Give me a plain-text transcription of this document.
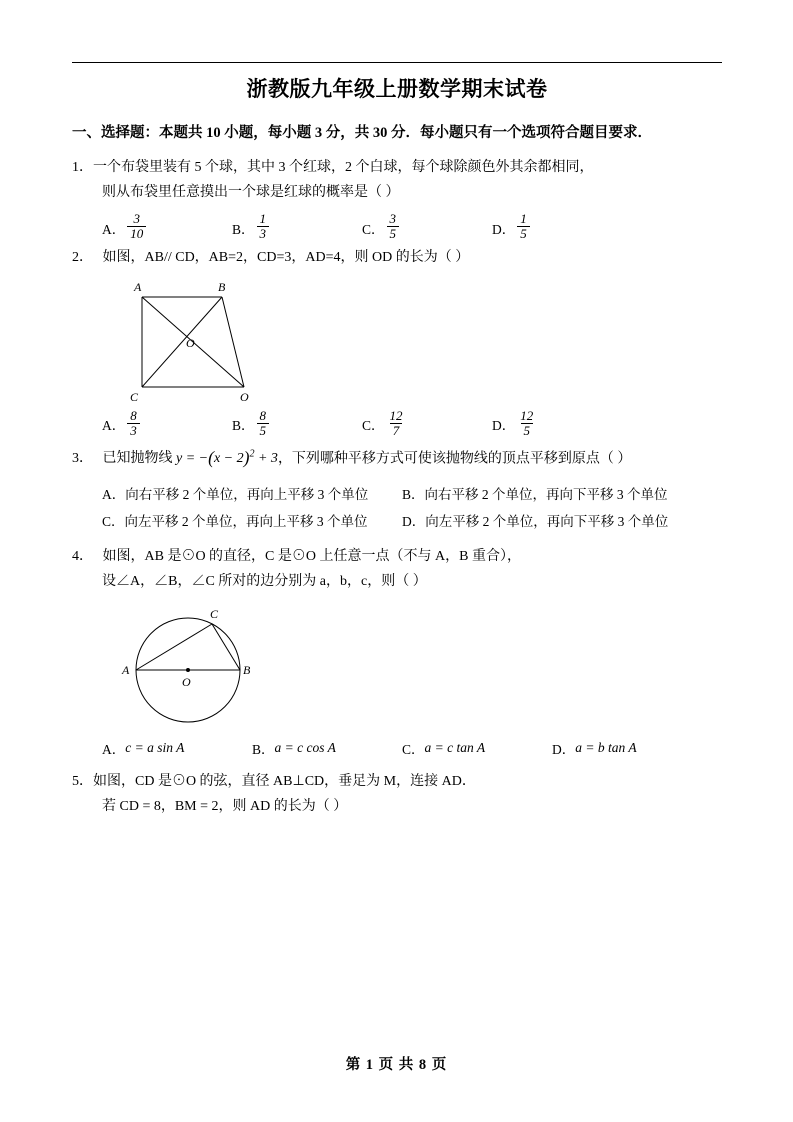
浙教版九年级上册数学期末试卷
一、选择题：本题共 10 小题，每小题 3 分，共 30 分．每小题只有一个选项符合题目要求．
1．一个布袋里装有 5 个球，其中 3 个红球，2 个白球，每个球除颜色外其余都相同，
则从布袋里任意摸出一个球是红球的概率是（ ）
A． $\frac{3}{10}$	B． $\frac{1}{3}$	C． $\frac{3}{5}$	D． $\frac{1}{5}$
2． 如图，AB// CD，AB=2，CD=3，AD=4，则 OD 的长为（ ）
A	B
C	O
O
A． $\frac{8}{3}$	B． $\frac{8}{5}$	C． $\frac{12}{7}$	D． $\frac{12}{5}$
3． 已知抛物线 $y = -(x - 2)^2 + 3$，下列哪种平移方式可使该抛物线的顶点平移到原点（ ）
A．向右平移 2 个单位，再向上平移 3 个单位	B．向右平移 2 个单位，再向下平移 3 个单位
C．向左平移 2 个单位，再向上平移 3 个单位	D．向左平移 2 个单位，再向下平移 3 个单位
4． 如图，AB 是⊙O 的直径，C 是⊙O 上任意一点（不与 A，B 重合），
设∠A，∠B，∠C 所对的边分别为 a，b，c，则（ ）
A	B
C
O
A． c = a sin A	B． a = c cos A	C． a = c tan A	D． a = b tan A
5．如图，CD 是⊙O 的弦，直径 AB⊥CD，垂足为 M，连接 AD．
若 CD = 8，BM = 2，则 AD 的长为（ ）
第 1 页 共 8 页
